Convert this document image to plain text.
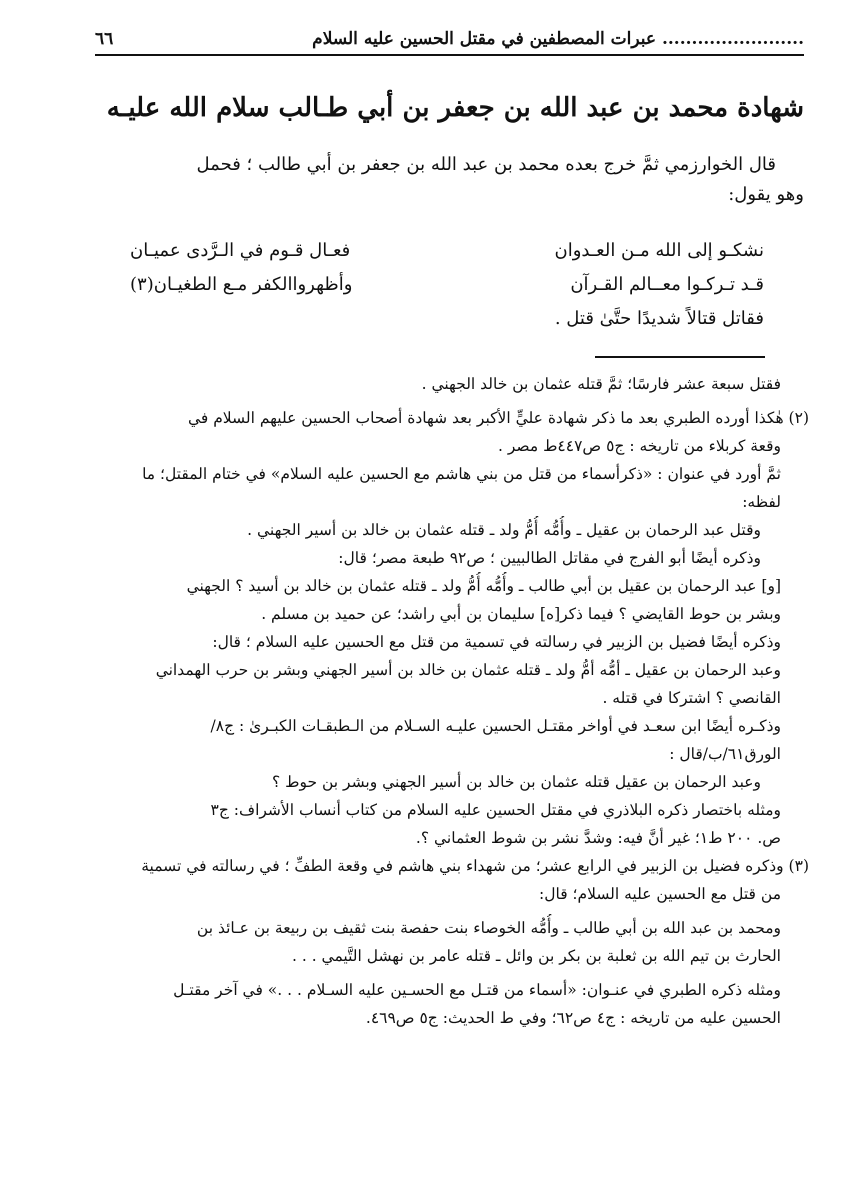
........................ عبرات المصطفين في مقتل الحسين عليه السلام
٦٦
شهادة محمد بن عبد الله بن جعفر بن أبي طـالب سلام الله عليـه

قال الخوارزمي ثمَّ خرج بعده محمد بن عبد الله بن جعفر بن أبي طالب ؛ فحمل

وهو يقول:

نشكـو إلى الله مـن العـدوان
فعـال قـوم في الـرَّدى عميـان
قـد تـركـوا معــالم القـرآن
وأظهرواالكفر مـع الطغيـان(٣)
فقاتل قتالاً شديدًا حتَّىٰ قتل .

فقتل سبعة عشر فارسًا؛ ثمَّ قتله عثمان بن خالد الجهني .

(٢) هٰكذا أورده الطبري بعد ما ذكر شهادة عليٍّ الأكبر بعد شهادة أصحاب الحسين عليهم السلام في

وقعة كربلاء من تاريخه : ج٥ ص٤٤٧ط مصر .

ثمَّ أورد في عنوان : «ذكرأسماء من قتل من بني هاشم مع الحسين عليه السلام» في ختام المقتل؛ ما

لفظه:

وقتل عبد الرحمان بن عقيل ـ وأُمُّه أُمُّ ولد ـ قتله عثمان بن خالد بن أسير الجهني .

وذكره أيضًا أبو الفرج في مقاتل الطالبيين ؛ ص٩٢ طبعة مصر؛ قال:

[و] عبد الرحمان بن عقيل بن أبي طالب ـ وأُمُّه أُمُّ ولد ـ قتله عثمان بن خالد بن أسيد ؟ الجهني

وبشر بن حوط القايضي ؟ فيما ذكر[ه] سليمان بن أبي راشد؛ عن حميد بن مسلم .

وذكره أيضًا فضيل بن الزبير في رسالته في تسمية من قتل مع الحسين عليه السلام ؛ قال:

وعبد الرحمان بن عقيل ـ أمُّه أمُّ ولد ـ قتله عثمان بن خالد بن أسير الجهني وبشر بن حرب الهمداني

القانصي ؟ اشتركا في قتله .

وذكـره أيضًا ابن سعـد في أواخر مقتـل الحسين عليـه السـلام من الـطبقـات الكبـرىٰ : ج٨/

الورق٦١/ب/قال :

وعبد الرحمان بن عقيل قتله عثمان بن خالد بن أسير الجهني وبشر بن حوط ؟

ومثله باختصار ذكره البلاذري في مقتل الحسين عليه السلام من كتاب أنساب الأشراف: ج٣

ص. ٢٠٠ ط١؛ غير أنَّ فيه: وشدَّ نشر بن شوط العثماني ؟.

(٣) وذكره فضيل بن الزبير في الرابع عشر؛ من شهداء بني هاشم في وقعة الطفِّ ؛ في رسالته في تسمية

من قتل مع الحسين عليه السلام؛ قال:

ومحمد بن عبد الله بن أبي طالب ـ وأُمُّه الخوصاء بنت حفصة بنت ثقيف بن ربيعة بن عـائذ بن

الحارث بن تيم الله بن ثعلبة بن بكر بن وائل ـ قتله عامر بن نهشل التَّيمي . . .

ومثله ذكره الطبري في عنـوان: «أسماء من قتـل مع الحسـين عليه السـلام . . .» في آخر مقتـل

الحسين عليه من تاريخه : ج٤ ص٦٢؛ وفي ط الحديث: ج٥ ص٤٦٩.
